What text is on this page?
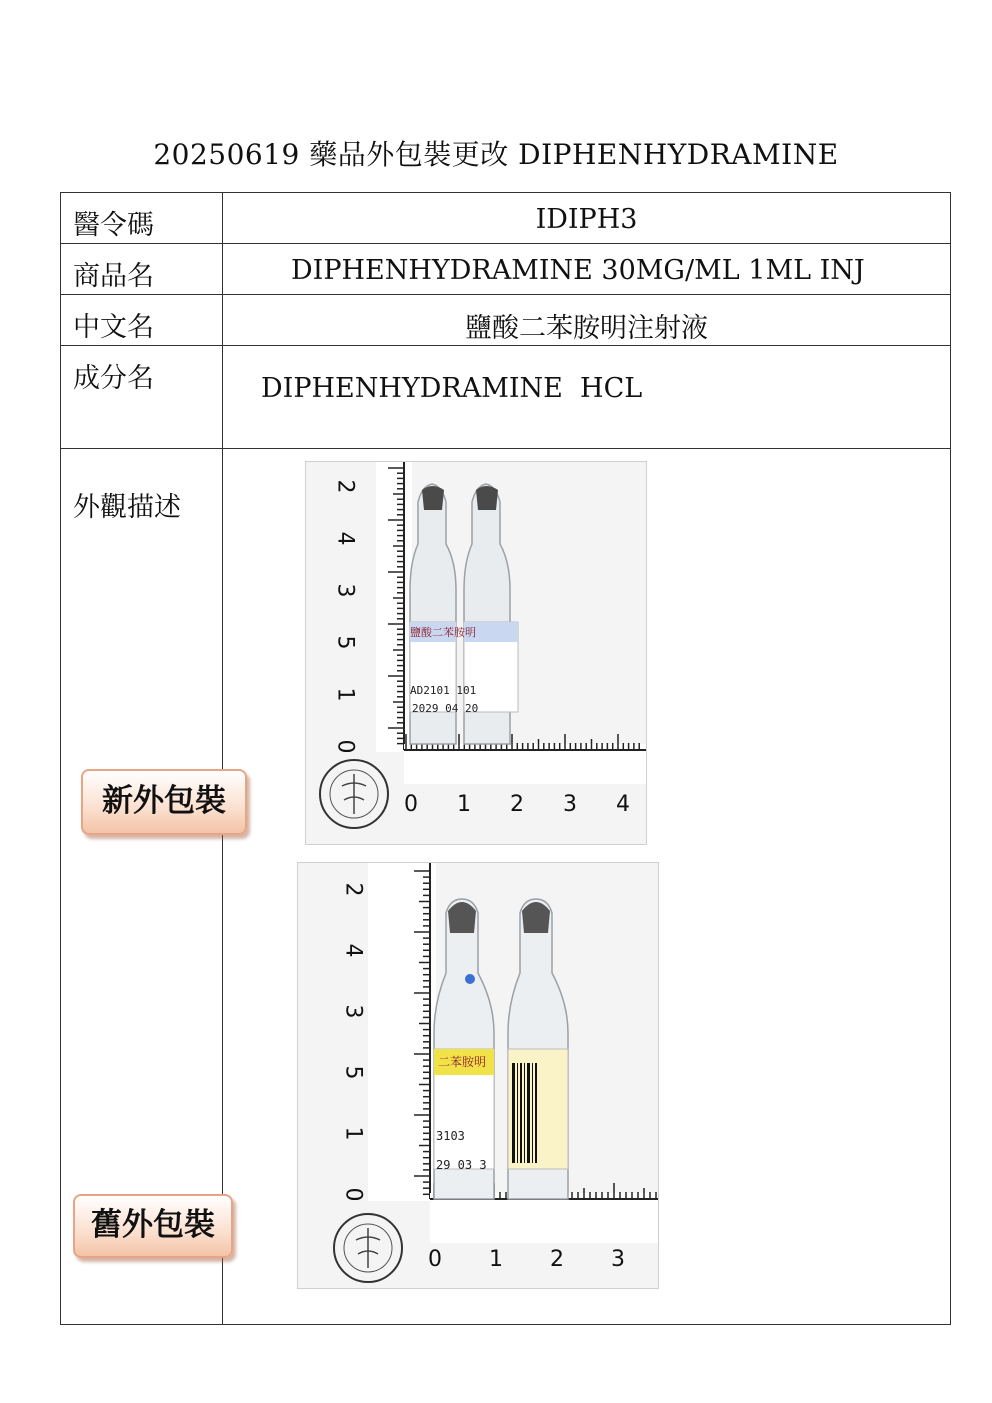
20250619 藥品外包裝更改 DIPHENHYDRAMINE
醫令碼	IDIPH3
商品名	DIPHENHYDRAMINE 30MG/ML 1ML INJ
中文名	鹽酸二苯胺明注射液
成分名	DIPHENHYDRAMINE  HCL
外觀描述	
鹽酸二苯胺明
AD2101 101
2029 04 20
2
4
3
5
1
0
0 1 2 3 4
二苯胺明
3103
29 03 3
2
4
3
5
1
0
0 1 2 3
新外包裝
舊外包裝
